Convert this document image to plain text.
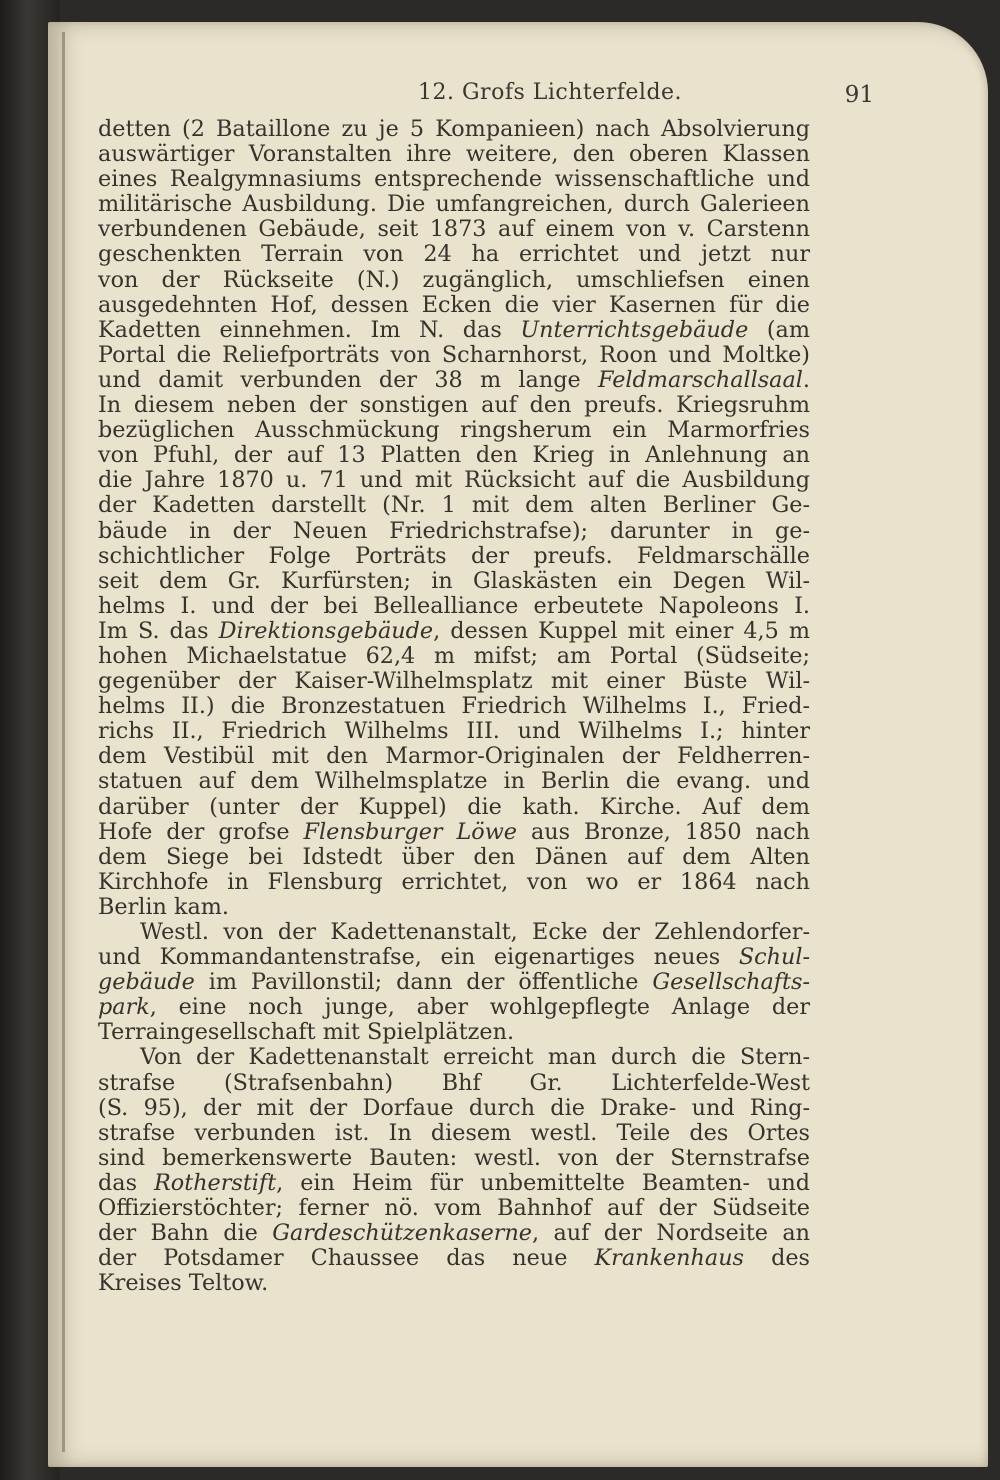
12. Grofs Lichterfelde.	91
detten (2 Bataillone zu je 5 Kompanieen) nach Absolvierung
auswärtiger Voranstalten ihre weitere, den oberen Klassen
eines Realgymnasiums entsprechende wissenschaftliche und
militärische Ausbildung. Die umfangreichen, durch Galerieen
verbundenen Gebäude, seit 1873 auf einem von v. Carstenn
geschenkten Terrain von 24 ha errichtet und jetzt nur
von der Rückseite (N.) zugänglich, umschliefsen einen
ausgedehnten Hof, dessen Ecken die vier Kasernen für die
Kadetten einnehmen. Im N. das Unterrichtsgebäude (am
Portal die Reliefporträts von Scharnhorst, Roon und Moltke)
und damit verbunden der 38 m lange Feldmarschallsaal.
In diesem neben der sonstigen auf den preufs. Kriegsruhm
bezüglichen Ausschmückung ringsherum ein Marmorfries
von Pfuhl, der auf 13 Platten den Krieg in Anlehnung an
die Jahre 1870 u. 71 und mit Rücksicht auf die Ausbildung
der Kadetten darstellt (Nr. 1 mit dem alten Berliner Ge-
bäude in der Neuen Friedrichstrafse); darunter in ge-
schichtlicher Folge Porträts der preufs. Feldmarschälle
seit dem Gr. Kurfürsten; in Glaskästen ein Degen Wil-
helms I. und der bei Bellealliance erbeutete Napoleons I.
Im S. das Direktionsgebäude, dessen Kuppel mit einer 4,5 m
hohen Michaelstatue 62,4 m mifst; am Portal (Südseite;
gegenüber der Kaiser-Wilhelmsplatz mit einer Büste Wil-
helms II.) die Bronzestatuen Friedrich Wilhelms I., Fried-
richs II., Friedrich Wilhelms III. und Wilhelms I.; hinter
dem Vestibül mit den Marmor-Originalen der Feldherren-
statuen auf dem Wilhelmsplatze in Berlin die evang. und
darüber (unter der Kuppel) die kath. Kirche. Auf dem
Hofe der grofse Flensburger Löwe aus Bronze, 1850 nach
dem Siege bei Idstedt über den Dänen auf dem Alten
Kirchhofe in Flensburg errichtet, von wo er 1864 nach
Berlin kam.
Westl. von der Kadettenanstalt, Ecke der Zehlendorfer-
und Kommandantenstrafse, ein eigenartiges neues Schul-
gebäude im Pavillonstil; dann der öffentliche Gesellschafts-
park, eine noch junge, aber wohlgepflegte Anlage der
Terraingesellschaft mit Spielplätzen.
Von der Kadettenanstalt erreicht man durch die Stern-
strafse (Strafsenbahn) Bhf Gr. Lichterfelde-West
(S. 95), der mit der Dorfaue durch die Drake- und Ring-
strafse verbunden ist. In diesem westl. Teile des Ortes
sind bemerkenswerte Bauten: westl. von der Sternstrafse
das Rotherstift, ein Heim für unbemittelte Beamten- und
Offizierstöchter; ferner nö. vom Bahnhof auf der Südseite
der Bahn die Gardeschützenkaserne, auf der Nordseite an
der Potsdamer Chaussee das neue Krankenhaus des
Kreises Teltow.
